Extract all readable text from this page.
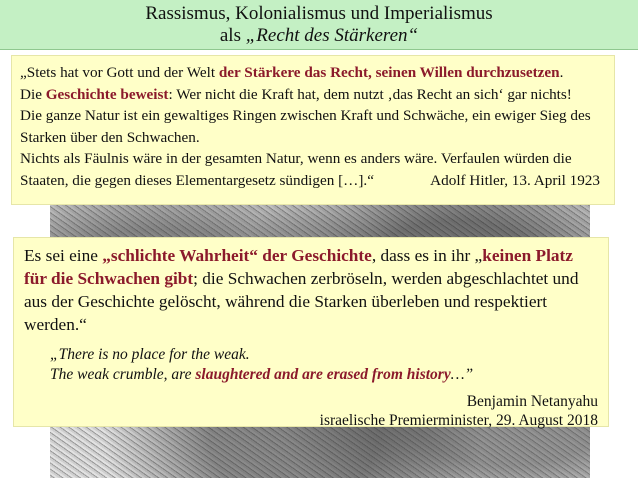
Rassismus, Kolonialismus und Imperialismus
als „Recht des Stärkeren“
„Stets hat vor Gott und der Welt der Stärkere das Recht, seinen Willen durchzusetzen.
Die Geschichte beweist: Wer nicht die Kraft hat, dem nutzt ‚das Recht an sich‘ gar nichts!
Die ganze Natur ist ein gewaltiges Ringen zwischen Kraft und Schwäche, ein ewiger Sieg des Starken über den Schwachen.
Nichts als Fäulnis wäre in der gesamten Natur, wenn es anders wäre. Verfaulen würden die Staaten, die gegen dieses Elementargesetz sündigen […].“	Adolf Hitler, 13. April 1923
Es sei eine „schlichte Wahrheit“ der Geschichte, dass es in ihr „keinen Platz für die Schwachen gibt; die Schwachen zerbröseln, werden abgeschlachtet und aus der Geschichte gelöscht, während die Starken überleben und respektiert werden.“
„There is no place for the weak.
The weak crumble, are slaughtered and are erased from history…”
Benjamin Netanyahu
israelische Premierminister, 29. August 2018
